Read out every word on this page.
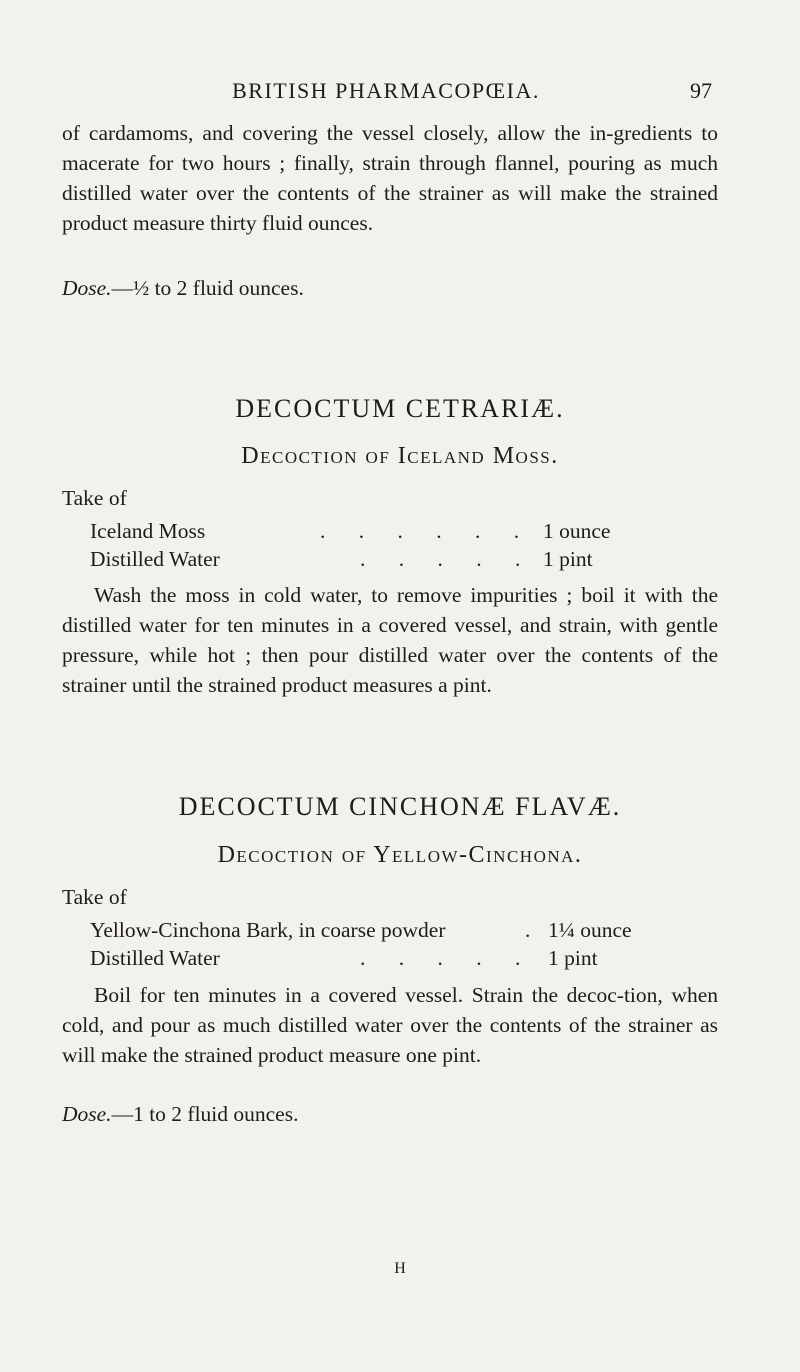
BRITISH PHARMACOPŒIA.	97

of cardamoms, and covering the vessel closely, allow the in-gredients to macerate for two hours ; finally, strain through flannel, pouring as much distilled water over the contents of the strainer as will make the strained product measure thirty fluid ounces.

Dose.—½ to 2 fluid ounces.
DECOCTUM CETRARIÆ.
Decoction of Iceland Moss.
Take of
Iceland Moss	. . . . . . 1 ounce
Distilled Water	. . . . . 1 pint

Wash the moss in cold water, to remove impurities ; boil it with the distilled water for ten minutes in a covered vessel, and strain, with gentle pressure, while hot ; then pour distilled water over the contents of the strainer until the strained product measures a pint.

DECOCTUM CINCHONÆ FLAVÆ.
Decoction of Yellow-Cinchona.
Take of
Yellow-Cinchona Bark, in coarse powder	. 1¼ ounce
Distilled Water	. . . . . 1 pint

Boil for ten minutes in a covered vessel. Strain the decoc-tion, when cold, and pour as much distilled water over the contents of the strainer as will make the strained product measure one pint.

Dose.—1 to 2 fluid ounces.
H
